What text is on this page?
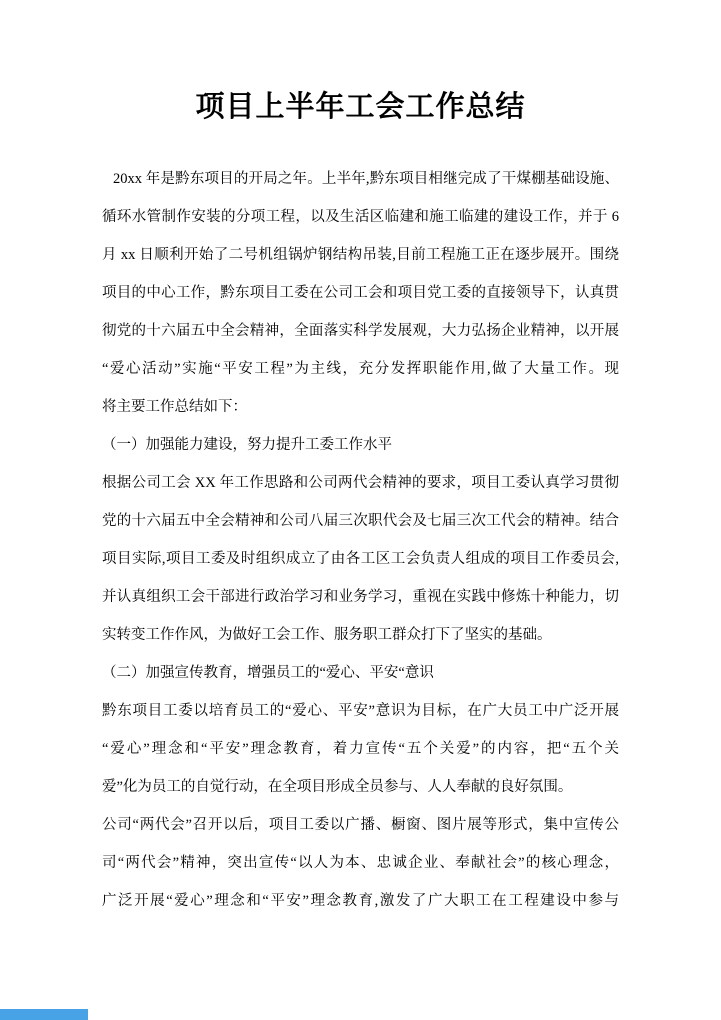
项目上半年工会工作总结
20xx 年是黔东项目的开局之年。上半年,黔东项目相继完成了干煤棚基础设施、
循环水管制作安装的分项工程，以及生活区临建和施工临建的建设工作，并于 6
月 xx 日顺利开始了二号机组锅炉钢结构吊装,目前工程施工正在逐步展开。围绕
项目的中心工作，黔东项目工委在公司工会和项目党工委的直接领导下，认真贯
彻党的十六届五中全会精神，全面落实科学发展观，大力弘扬企业精神，以开展
“爱心活动”实施“平安工程”为主线，充分发挥职能作用,做了大量工作。现
将主要工作总结如下：
（一）加强能力建设，努力提升工委工作水平
根据公司工会 XX 年工作思路和公司两代会精神的要求，项目工委认真学习贯彻
党的十六届五中全会精神和公司八届三次职代会及七届三次工代会的精神。结合
项目实际,项目工委及时组织成立了由各工区工会负责人组成的项目工作委员会,
并认真组织工会干部进行政治学习和业务学习，重视在实践中修炼十种能力，切
实转变工作作风，为做好工会工作、服务职工群众打下了坚实的基础。
（二）加强宣传教育，增强员工的“爱心、平安“意识
黔东项目工委以培育员工的“爱心、平安”意识为目标，在广大员工中广泛开展
“爱心”理念和“平安”理念教育，着力宣传“五个关爱”的内容，把“五个关
爱”化为员工的自觉行动，在全项目形成全员参与、人人奉献的良好氛围。
公司“两代会”召开以后，项目工委以广播、橱窗、图片展等形式，集中宣传公
司“两代会”精神，突出宣传“以人为本、忠诚企业、奉献社会”的核心理念，
广泛开展“爱心”理念和“平安”理念教育,激发了广大职工在工程建设中参与
